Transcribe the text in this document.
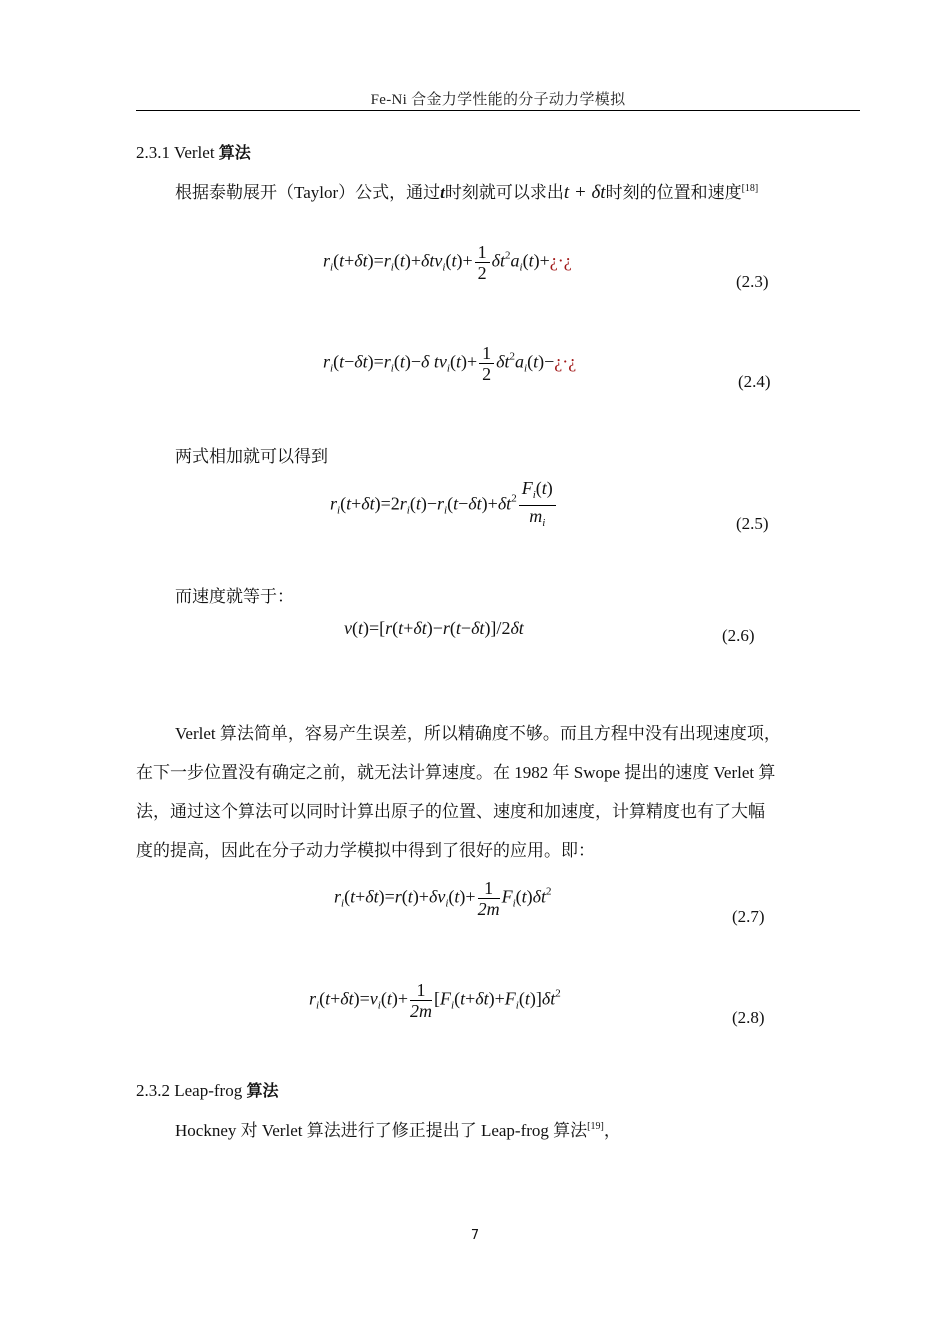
Fe-Ni 合金力学性能的分子动力学模拟
2.3.1 Verlet 算法
根据泰勒展开（Taylor）公式，通过t时刻就可以求出t + δt时刻的位置和速度[18]
$r_i(t+\delta t)=r_i(t)+\delta tv_i(t)+ \frac{1}{2}$ $\delta t^2a_i(t)+¿\cdot¿$
(2.3)
$r_i(t-\delta t)=r_i(t)-\delta$ $tv_i(t)+ \frac{1}{2}$ $\delta t^2a_i(t)-¿\cdot¿$
(2.4)
两式相加就可以得到
$r_i(t+\delta t)=2r_i(t)-r_i(t-\delta t)+\delta t^2 \frac{F_i(t)}{m_i}$	(2.5)
而速度就等于：
v(t)=[r(t+δt)−r(t−δt)]/2δt	(2.6)
Verlet 算法简单，容易产生误差，所以精确度不够。而且方程中没有出现速度项，
在下一步位置没有确定之前，就无法计算速度。在 1982 年 Swope 提出的速度 Verlet 算
法，通过这个算法可以同时计算出原子的位置、速度和加速度，计算精度也有了大幅
度的提高，因此在分子动力学模拟中得到了很好的应用。即：
$r_i(t+\delta t)=r(t)+\delta v_i(t)+ \frac{1}{2m} F_i(t)\delta t^2$
(2.7)
$r_i(t+\delta t)=v_i(t)+ \frac{1}{2m} [F_i(t+\delta t)+F_i(t)]\delta t^2$
(2.8)
2.3.2 Leap-frog 算法
Hockney 对 Verlet 算法进行了修正提出了 Leap-frog 算法[19]，
7
